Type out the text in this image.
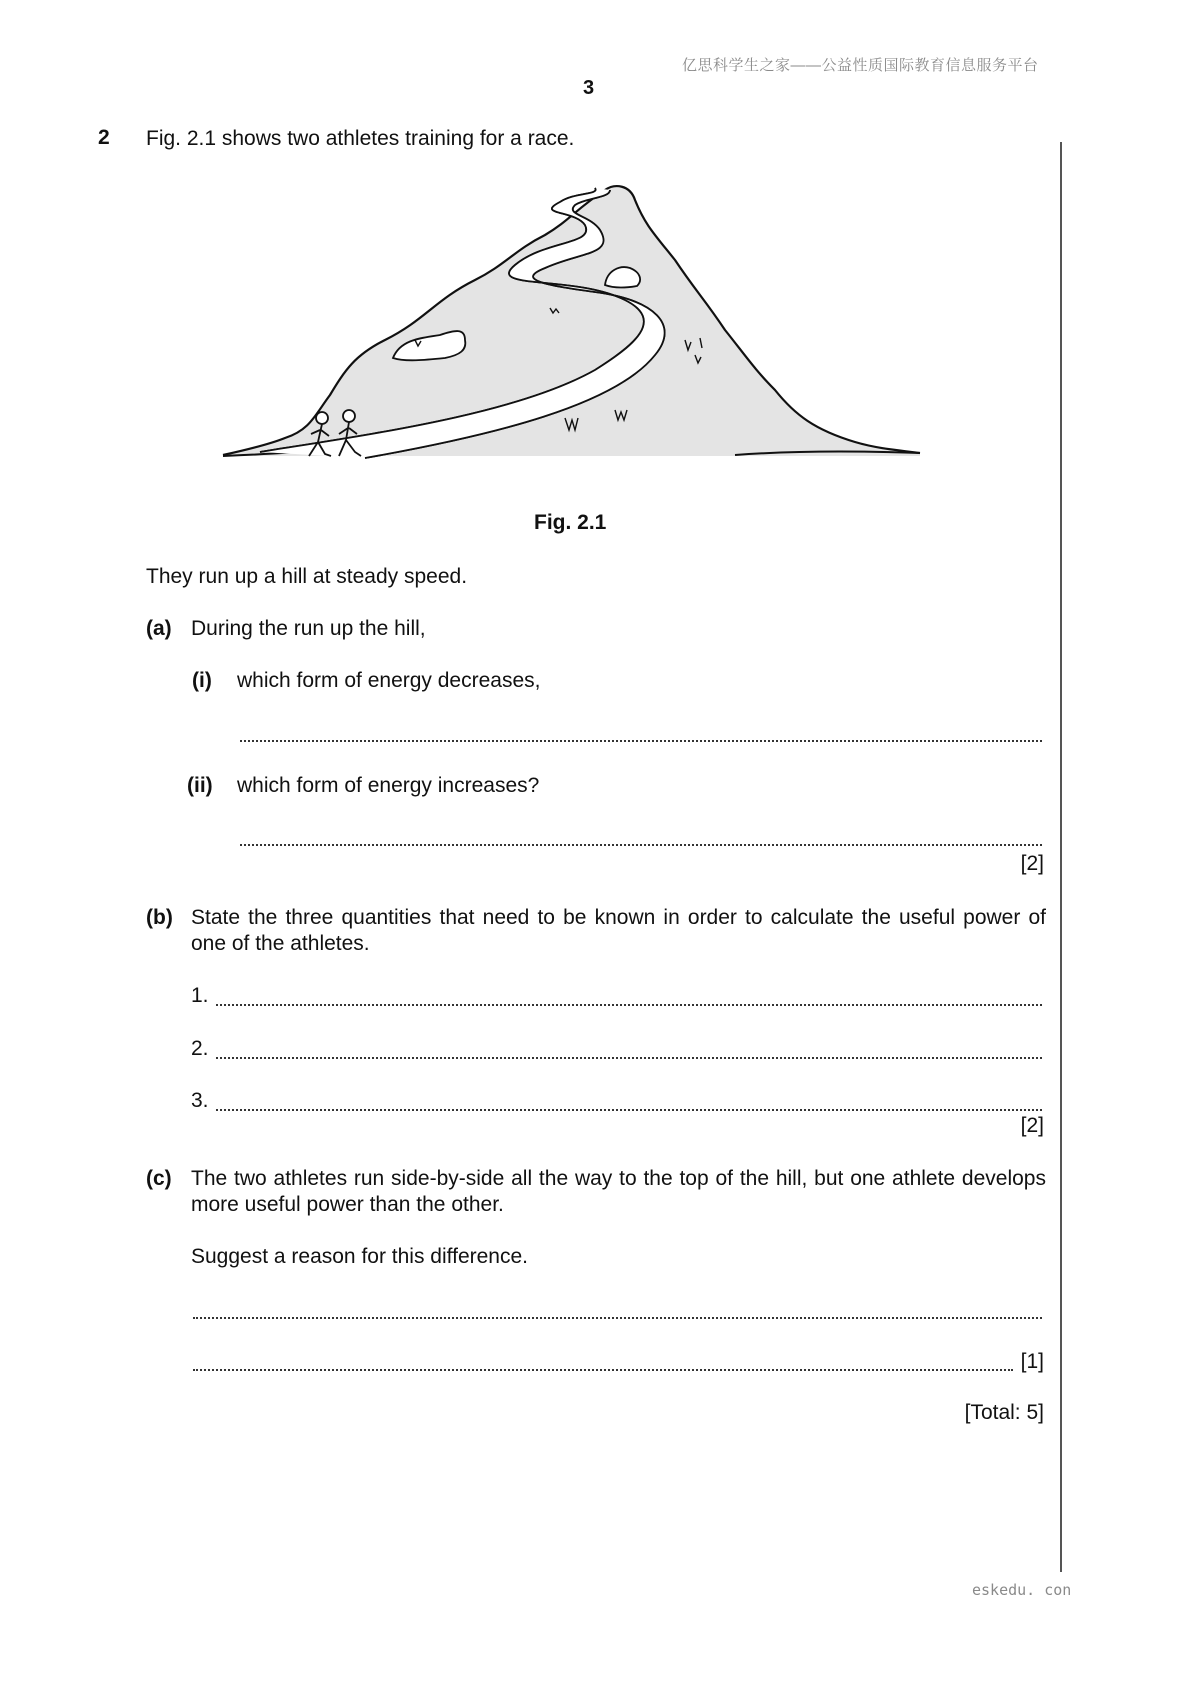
亿思科学生之家——公益性质国际教育信息服务平台
3
2 Fig. 2.1 shows two athletes training for a race.
Fig. 2.1
They run up a hill at steady speed.
(a) During the run up the hill,
(i) which form of energy decreases,
(ii) which form of energy increases?
[2]
(b) State the three quantities that need to be known in order to calculate the useful power of one of the athletes.
1.
2.
3.
[2]
(c) The two athletes run side-by-side all the way to the top of the hill, but one athlete develops more useful power than the other.
Suggest a reason for this difference.
[1]
[Total: 5]
eskedu. con
